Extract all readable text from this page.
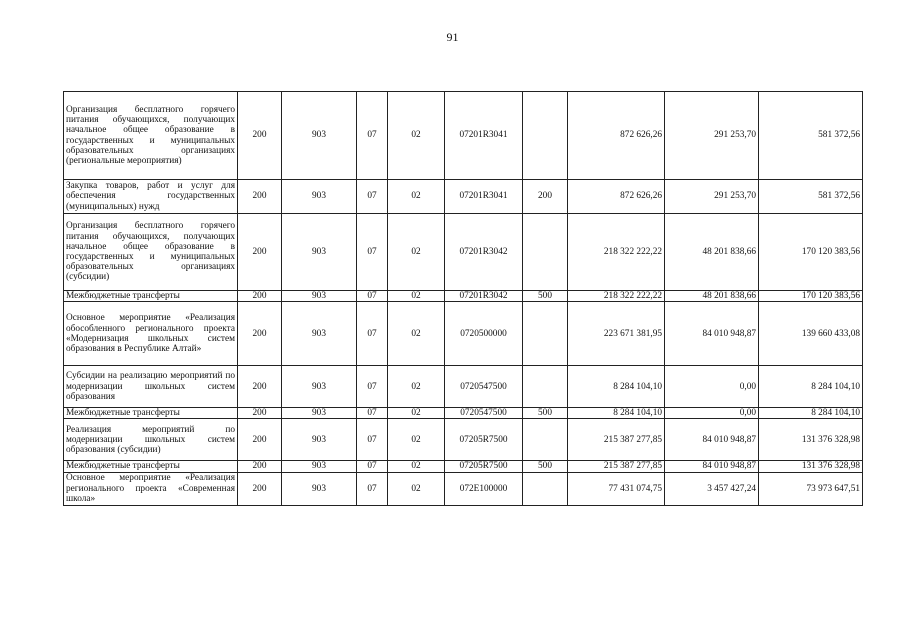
91
Организация бесплатного горячего питания обучающихся, получающих начальное общее образование в государственных и муниципальных образовательных организациях (региональные мероприятия)	200	903	07	02	07201R3041		872 626,26	291 253,70	581 372,56
Закупка товаров, работ и услуг для обеспечения государственных (муниципальных) нужд	200	903	07	02	07201R3041	200	872 626,26	291 253,70	581 372,56
Организация бесплатного горячего питания обучающихся, получающих начальное общее образование в государственных и муниципальных образовательных организациях (субсидии)	200	903	07	02	07201R3042		218 322 222,22	48 201 838,66	170 120 383,56
Межбюджетные трансферты	200	903	07	02	07201R3042	500	218 322 222,22	48 201 838,66	170 120 383,56
Основное мероприятие «Реализация обособленного регионального проекта «Модернизация школьных систем образования в Республике Алтай»	200	903	07	02	0720500000		223 671 381,95	84 010 948,87	139 660 433,08
Субсидии на реализацию мероприятий по модернизации школьных систем образования	200	903	07	02	0720547500		8 284 104,10	0,00	8 284 104,10
Межбюджетные трансферты	200	903	07	02	0720547500	500	8 284 104,10	0,00	8 284 104,10
Реализация мероприятий по модернизации школьных систем образования (субсидии)	200	903	07	02	07205R7500		215 387 277,85	84 010 948,87	131 376 328,98
Межбюджетные трансферты	200	903	07	02	07205R7500	500	215 387 277,85	84 010 948,87	131 376 328,98
Основное мероприятие «Реализация регионального проекта «Современная школа»	200	903	07	02	072E100000		77 431 074,75	3 457 427,24	73 973 647,51
